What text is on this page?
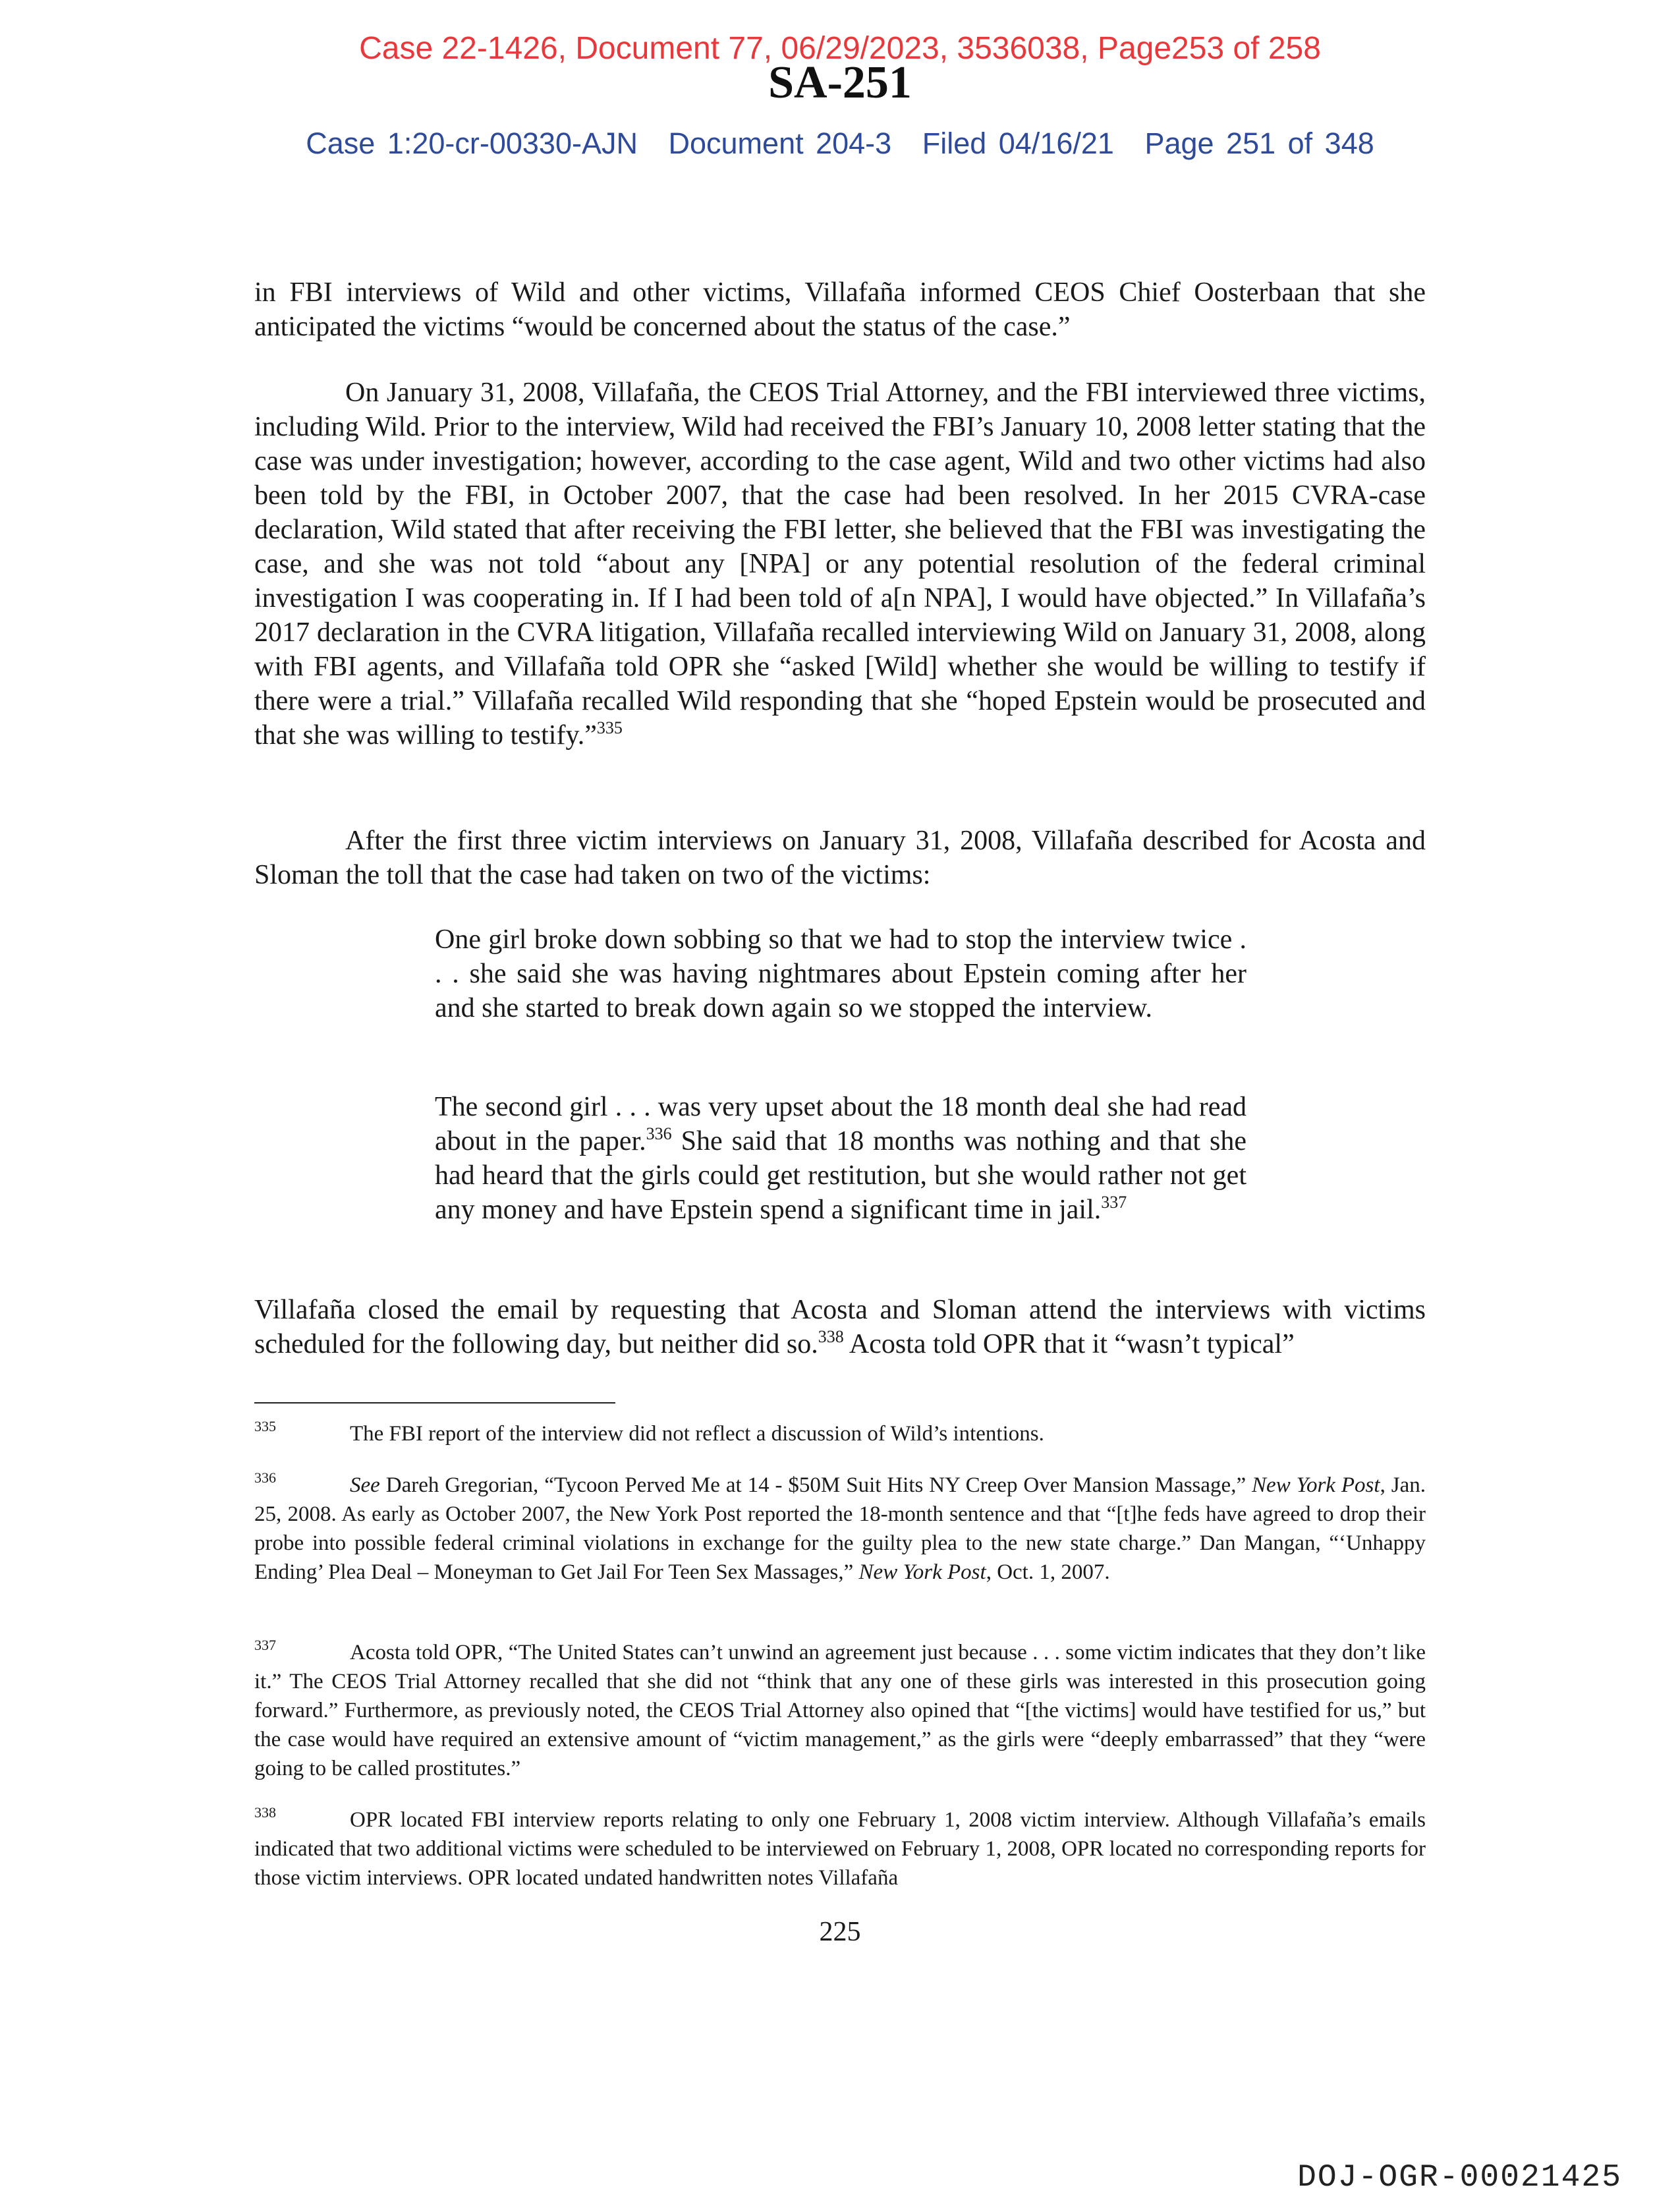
Case 22-1426, Document 77, 06/29/2023, 3536038, Page253 of 258
SA-251
Case 1:20-cr-00330-AJN Document 204-3 Filed 04/16/21 Page 251 of 348

in FBI interviews of Wild and other victims, Villafaña informed CEOS Chief Oosterbaan that she anticipated the victims “would be concerned about the status of the case.”

On January 31, 2008, Villafaña, the CEOS Trial Attorney, and the FBI interviewed three victims, including Wild. Prior to the interview, Wild had received the FBI’s January 10, 2008 letter stating that the case was under investigation; however, according to the case agent, Wild and two other victims had also been told by the FBI, in October 2007, that the case had been resolved. In her 2015 CVRA-case declaration, Wild stated that after receiving the FBI letter, she believed that the FBI was investigating the case, and she was not told “about any [NPA] or any potential resolution of the federal criminal investigation I was cooperating in. If I had been told of a[n NPA], I would have objected.” In Villafaña’s 2017 declaration in the CVRA litigation, Villafaña recalled interviewing Wild on January 31, 2008, along with FBI agents, and Villafaña told OPR she “asked [Wild] whether she would be willing to testify if there were a trial.” Villafaña recalled Wild responding that she “hoped Epstein would be prosecuted and that she was willing to testify.”$^{335}$

After the first three victim interviews on January 31, 2008, Villafaña described for Acosta and Sloman the toll that the case had taken on two of the victims:

One girl broke down sobbing so that we had to stop the interview twice . . . she said she was having nightmares about Epstein coming after her and she started to break down again so we stopped the interview.

The second girl . . . was very upset about the 18 month deal she had read about in the paper.$^{336}$ She said that 18 months was nothing and that she had heard that the girls could get restitution, but she would rather not get any money and have Epstein spend a significant time in jail.$^{337}$

Villafaña closed the email by requesting that Acosta and Sloman attend the interviews with victims scheduled for the following day, but neither did so.$^{338}$ Acosta told OPR that it “wasn’t typical”

$^{335}$	The FBI report of the interview did not reflect a discussion of Wild’s intentions.
$^{336}$	See Dareh Gregorian, “Tycoon Perved Me at 14 - $50M Suit Hits NY Creep Over Mansion Massage,” New York Post, Jan. 25, 2008. As early as October 2007, the New York Post reported the 18-month sentence and that “[t]he feds have agreed to drop their probe into possible federal criminal violations in exchange for the guilty plea to the new state charge.” Dan Mangan, “‘Unhappy Ending’ Plea Deal – Moneyman to Get Jail For Teen Sex Massages,” New York Post, Oct. 1, 2007.
$^{337}$	Acosta told OPR, “The United States can’t unwind an agreement just because . . . some victim indicates that they don’t like it.” The CEOS Trial Attorney recalled that she did not “think that any one of these girls was interested in this prosecution going forward.” Furthermore, as previously noted, the CEOS Trial Attorney also opined that “[the victims] would have testified for us,” but the case would have required an extensive amount of “victim management,” as the girls were “deeply embarrassed” that they “were going to be called prostitutes.”
$^{338}$	OPR located FBI interview reports relating to only one February 1, 2008 victim interview. Although Villafaña’s emails indicated that two additional victims were scheduled to be interviewed on February 1, 2008, OPR located no corresponding reports for those victim interviews. OPR located undated handwritten notes Villafaña
225
DOJ-OGR-00021425
